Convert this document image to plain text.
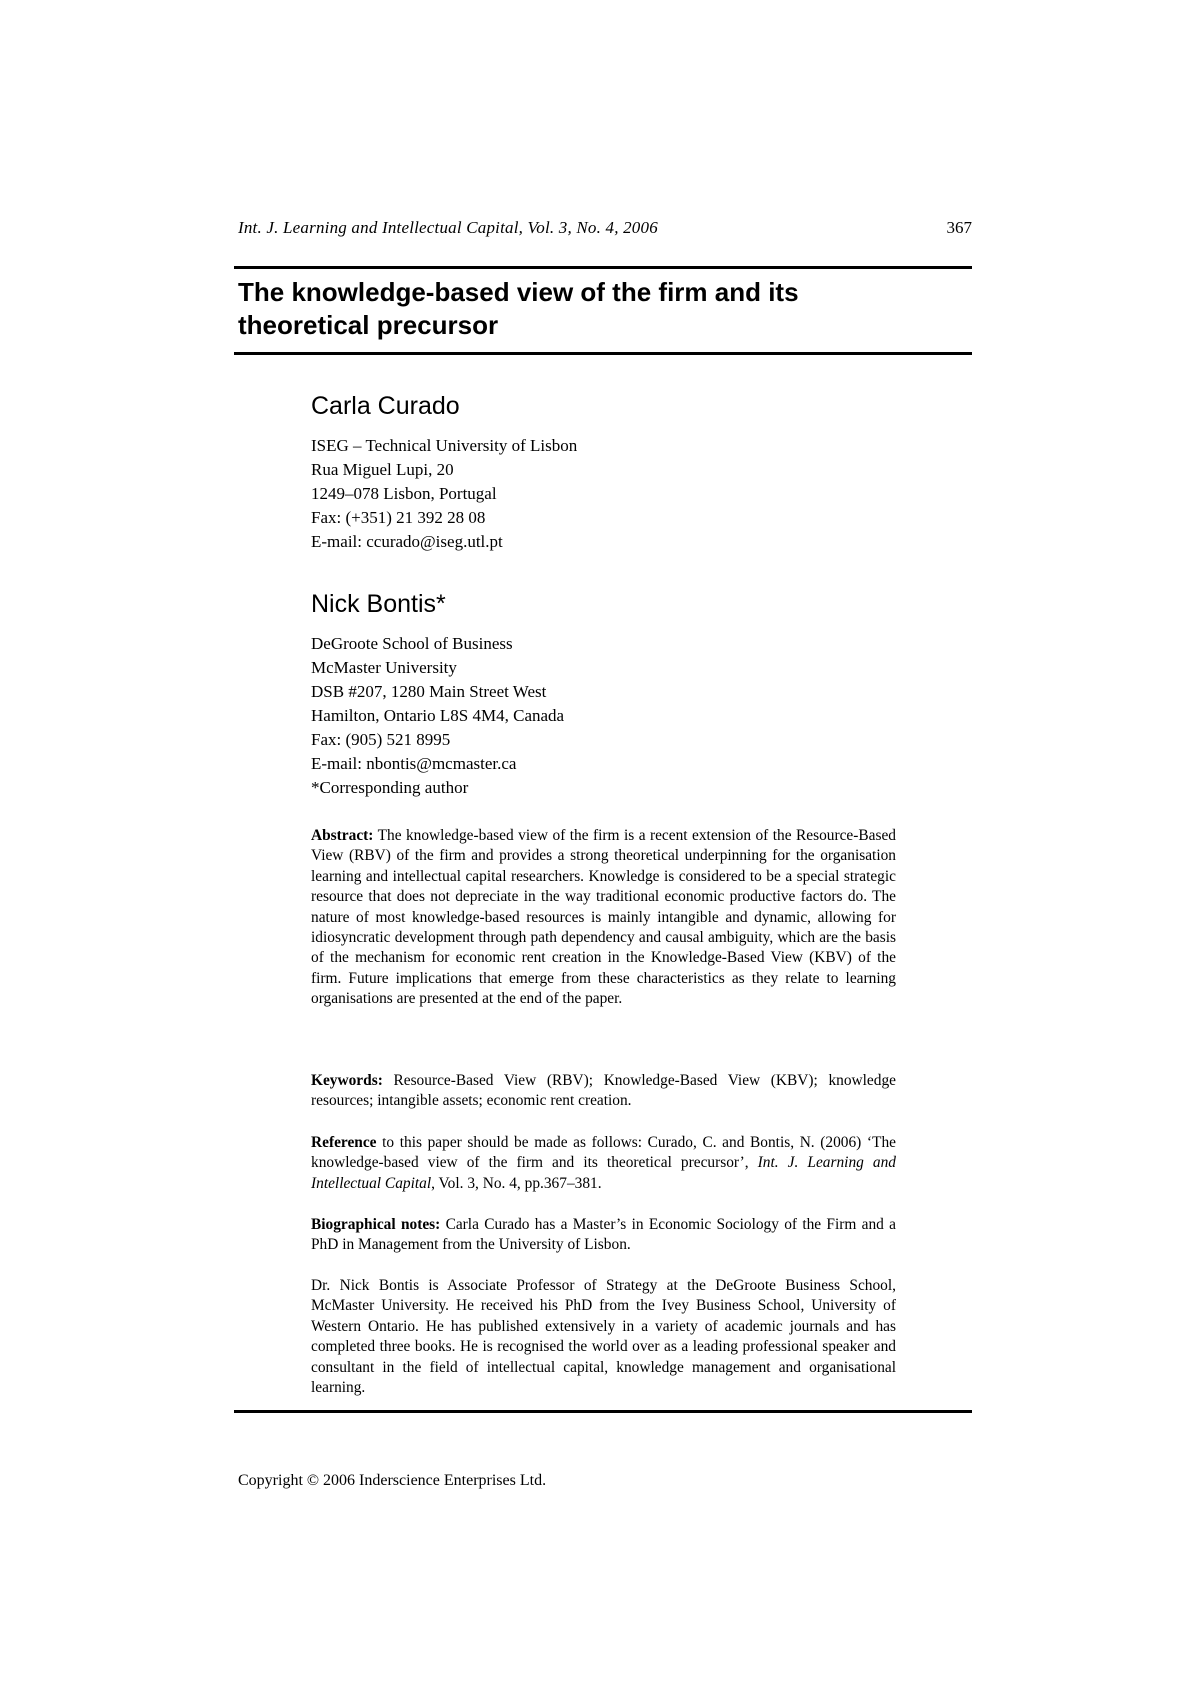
Int. J. Learning and Intellectual Capital, Vol. 3, No. 4, 2006	367
The knowledge-based view of the firm and its
theoretical precursor
Carla Curado
ISEG – Technical University of Lisbon
Rua Miguel Lupi, 20
1249–078 Lisbon, Portugal
Fax: (+351) 21 392 28 08
E-mail: ccurado@iseg.utl.pt
Nick Bontis*
DeGroote School of Business
McMaster University
DSB #207, 1280 Main Street West
Hamilton, Ontario L8S 4M4, Canada
Fax: (905) 521 8995
E-mail: nbontis@mcmaster.ca
*Corresponding author

Abstract: The knowledge-based view of the firm is a recent extension of the Resource-Based View (RBV) of the firm and provides a strong theoretical underpinning for the organisation learning and intellectual capital researchers. Knowledge is considered to be a special strategic resource that does not depreciate in the way traditional economic productive factors do. The nature of most knowledge-based resources is mainly intangible and dynamic, allowing for idiosyncratic development through path dependency and causal ambiguity, which are the basis of the mechanism for economic rent creation in the Knowledge-Based View (KBV) of the firm. Future implications that emerge from these characteristics as they relate to learning organisations are presented at the end of the paper.

Keywords: Resource-Based View (RBV); Knowledge-Based View (KBV); knowledge resources; intangible assets; economic rent creation.

Reference to this paper should be made as follows: Curado, C. and Bontis, N. (2006) ‘The knowledge-based view of the firm and its theoretical precursor’, Int. J. Learning and Intellectual Capital, Vol. 3, No. 4, pp.367–381.

Biographical notes: Carla Curado has a Master’s in Economic Sociology of the Firm and a PhD in Management from the University of Lisbon.

Dr. Nick Bontis is Associate Professor of Strategy at the DeGroote Business School, McMaster University. He received his PhD from the Ivey Business School, University of Western Ontario. He has published extensively in a variety of academic journals and has completed three books. He is recognised the world over as a leading professional speaker and consultant in the field of intellectual capital, knowledge management and organisational learning.

Copyright © 2006 Inderscience Enterprises Ltd.
